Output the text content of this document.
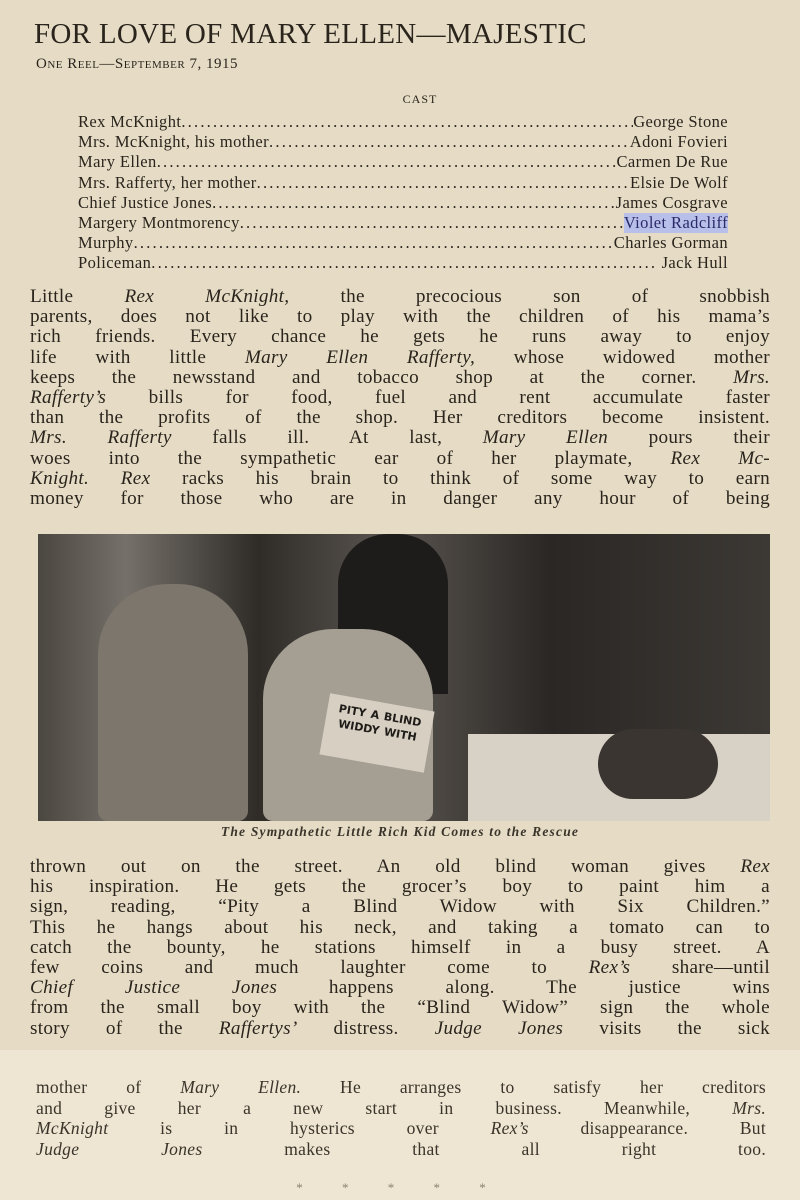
FOR LOVE OF MARY ELLEN—MAJESTIC
One Reel—September 7, 1915
CAST
Rex McKnight .....	George Stone
Mrs. McKnight, his mother .....	Adoni Fovieri
Mary Ellen .....	Carmen De Rue
Mrs. Rafferty, her mother .....	Elsie De Wolf
Chief Justice Jones .....	James Cosgrave
Margery Montmorency .....	Violet Radcliff
Murphy .....	Charles Gorman
Policeman .....	Jack Hull
Little Rex McKnight, the precocious son of snobbish
parents, does not like to play with the children of his mama’s
rich friends. Every chance he gets he runs away to enjoy
life with little Mary Ellen Rafferty, whose widowed mother
keeps the newsstand and tobacco shop at the corner. Mrs.
Rafferty’s bills for food, fuel and rent accumulate faster
than the profits of the shop. Her creditors become insistent.
Mrs. Rafferty falls ill. At last, Mary Ellen pours their
woes into the sympathetic ear of her playmate, Rex Mc-
Knight. Rex racks his brain to think of some way to earn
money for those who are in danger any hour of being
PITY A BLIND WIDDY WITH
The Sympathetic Little Rich Kid Comes to the Rescue
thrown out on the street. An old blind woman gives Rex
his inspiration. He gets the grocer’s boy to paint him a
sign, reading, “Pity a Blind Widow with Six Children.”
This he hangs about his neck, and taking a tomato can to
catch the bounty, he stations himself in a busy street. A
few coins and much laughter come to Rex’s share—until
Chief Justice Jones happens along. The justice wins
from the small boy with the “Blind Widow” sign the whole
story of the Raffertys’ distress. Judge Jones visits the sick
mother of Mary Ellen. He arranges to satisfy her creditors
and give her a new start in business. Meanwhile, Mrs.
McKnight is in hysterics over Rex’s disappearance. But
Judge Jones makes that all right too.
* * * * *
